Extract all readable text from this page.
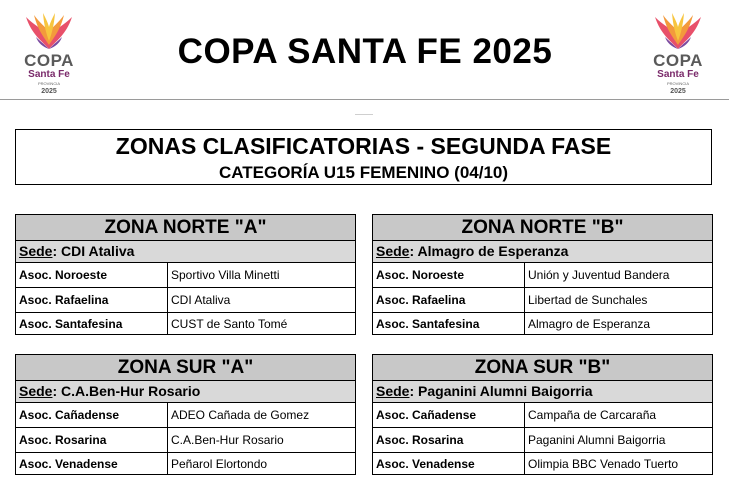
COPA
Santa Fe
PROVINCIA
2025
COPA
Santa Fe
PROVINCIA
2025
COPA SANTA FE 2025
ZONAS CLASIFICATORIAS - SEGUNDA FASE
CATEGORÍA U15 FEMENINO (04/10)
ZONA NORTE "A"
Sede: CDI Ataliva
Asoc. Noroeste	Sportivo Villa Minetti
Asoc. Rafaelina	CDI Ataliva
Asoc. Santafesina	CUST de Santo Tomé
ZONA NORTE "B"
Sede: Almagro de Esperanza
Asoc. Noroeste	Unión y Juventud Bandera
Asoc. Rafaelina	Libertad de Sunchales
Asoc. Santafesina	Almagro de Esperanza
ZONA SUR "A"
Sede: C.A.Ben-Hur Rosario
Asoc. Cañadense	ADEO Cañada de Gomez
Asoc. Rosarina	C.A.Ben-Hur Rosario
Asoc. Venadense	Peñarol Elortondo
ZONA SUR "B"
Sede: Paganini Alumni Baigorria
Asoc. Cañadense	Campaña de Carcaraña
Asoc. Rosarina	Paganini Alumni Baigorria
Asoc. Venadense	Olimpia BBC Venado Tuerto
